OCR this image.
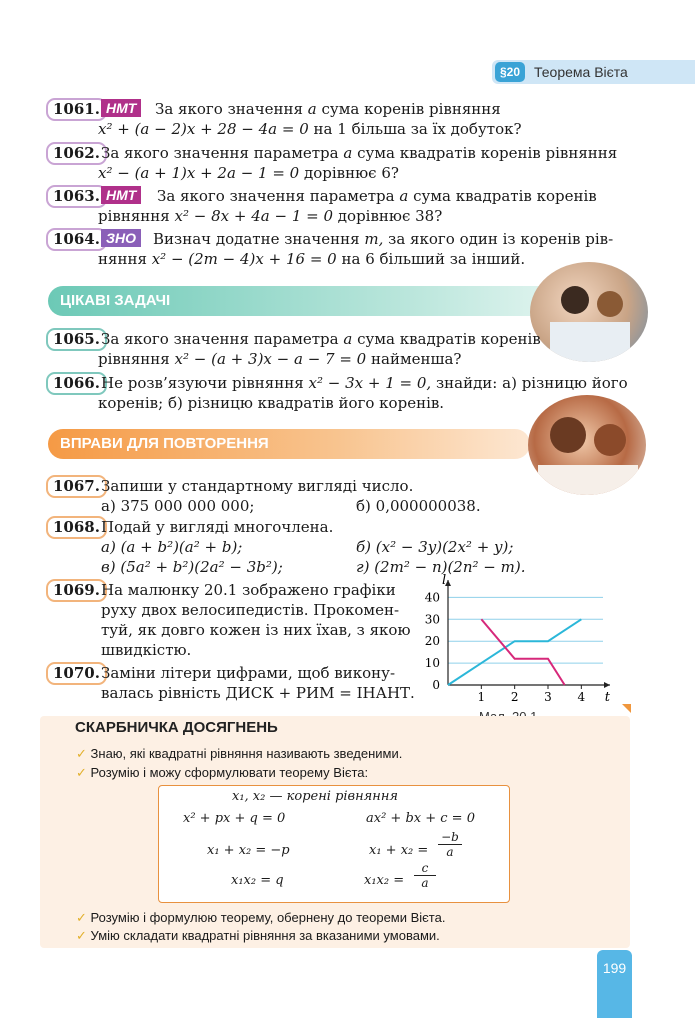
§20 Теорема Вієта
1061. НМТ	За якого значення a сума коренів рівняння
x² + (a − 2)x + 28 − 4a = 0 на 1 більша за їх добуток?
1062. За якого значення параметра a сума квадратів коренів рівняння
x² − (a + 1)x + 2a − 1 = 0 дорівнює 6?
1063. НМТ	За якого значення параметра a сума квадратів коренів
рівняння x² − 8x + 4a − 1 = 0 дорівнює 38?
1064. ЗНО	Визнач додатне значення m, за якого один із коренів рів-
няння x² − (2m − 4)x + 16 = 0 на 6 більший за інший.
ЦІКАВІ ЗАДАЧІ
1065. За якого значення параметра a сума квадратів коренів
рівняння x² − (a + 3)x − a − 7 = 0 найменша?
1066. Не розв’язуючи рівняння x² − 3x + 1 = 0, знайди: а) різницю його
коренів; б) різницю квадратів його коренів.
ВПРАВИ ДЛЯ ПОВТОРЕННЯ
1067. Запиши у стандартному вигляді число.
а) 375 000 000 000;	б) 0,000000038.
1068. Подай у вигляді многочлена.
а) (a + b²)(a² + b);	б) (x² − 3y)(2x² + y);
в) (5a² + b²)(2a² − 3b²);	г) (2m² − n)(2n² − m).
1069. На малюнку 20.1 зображено графіки
руху двох велосипедистів. Прокомен-
туй, як довго кожен із них їхав, з якою
швидкістю.
1070. Заміни літери цифрами, щоб викону-
валась рівність ДИСК + РИМ = ІНАНТ. 0
10
20
30
40
1 2 3 4
l
t
СКАРБНИЧКА ДОСЯГНЕНЬ
✓ Знаю, які квадратні рівняння називають зведеними.
✓ Розумію і можу сформулювати теорему Вієта:
x₁, x₂ — корені рівняння
x² + px + q = 0	ax² + bx + c = 0
x₁ + x₂ = −p	$x_1 + x_2 = \frac{-b}{a}$
x₁x₂ = q	$x_1x_2 = \frac{c}{a}$
✓ Розумію і формулюю теорему, обернену до теореми Вієта.
✓ Умію складати квадратні рівняння за вказаними умовами.
199
